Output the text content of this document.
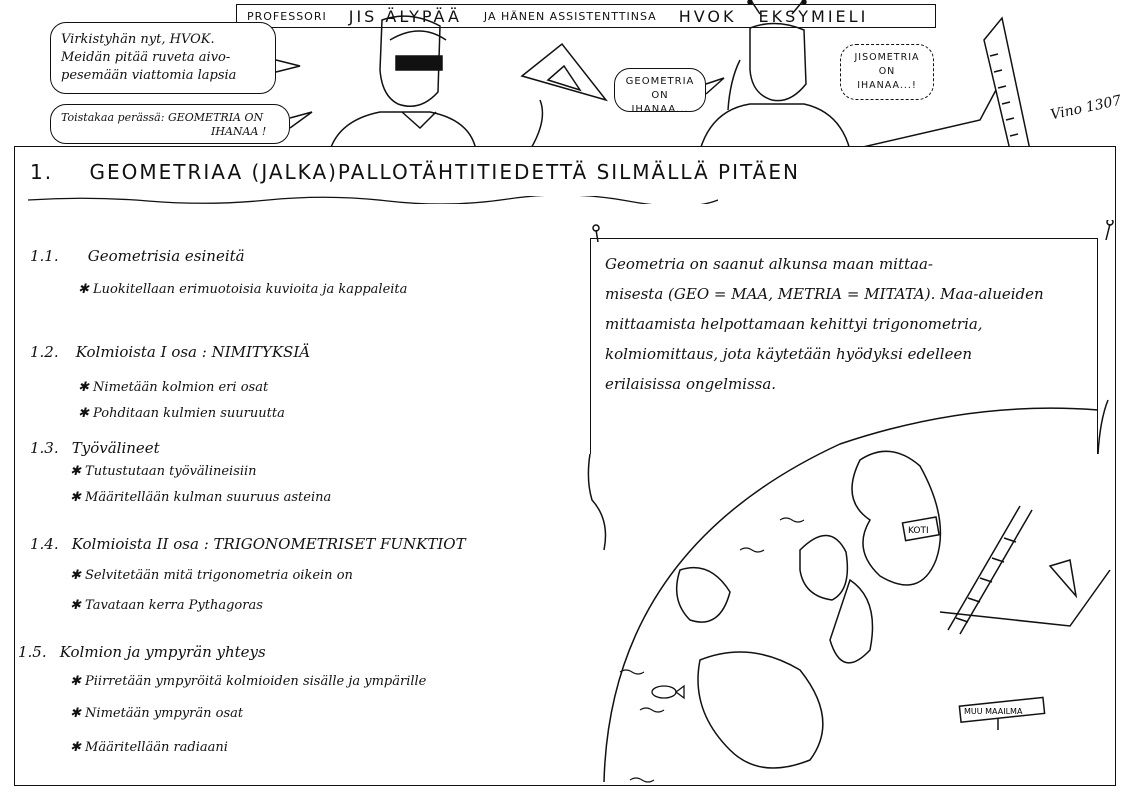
PROFESSORI JIS ÄLYPÄÄ JA HÄNEN ASSISTENTTINSA HVOK EKSYMIELI
Virkistyhän nyt, HVOK.
Meidän pitää ruveta aivo-
pesemään viattomia lapsia
Toistakaa perässä: GEOMETRIA ON
IHANAA !
GEOMETRIA
ON IHANAA...
JISOMETRIA
ON
IHANAA...!
Vino 1307
1. GEOMETRIAA (JALKA)PALLOTÄHTITIEDETTÄ SILMÄLLÄ PITÄEN
1.1. Geometrisia esineitä
✱ Luokitellaan erimuotoisia kuvioita ja kappaleita
1.2. Kolmioista I osa : NIMITYKSIÄ
✱ Nimetään kolmion eri osat
✱ Pohditaan kulmien suuruutta
1.3. Työvälineet
✱ Tutustutaan työvälineisiin
✱ Määritellään kulman suuruus asteina
1.4. Kolmioista II osa : TRIGONOMETRISET FUNKTIOT
✱ Selvitetään mitä trigonometria oikein on
✱ Tavataan kerra Pythagoras
1.5. Kolmion ja ympyrän yhteys
✱ Piirretään ympyröitä kolmioiden sisälle ja ympärille
✱ Nimetään ympyrän osat
✱ Määritellään radiaani
Geometria on saanut alkunsa maan mittaa-
misesta (GEO = MAA, METRIA = MITATA). Maa-alueiden
mittaamista helpottamaan kehittyi trigonometria,
kolmiomittaus, jota käytetään hyödyksi edelleen
erilaisissa ongelmissa.
KOTI
MUU MAAILMA
